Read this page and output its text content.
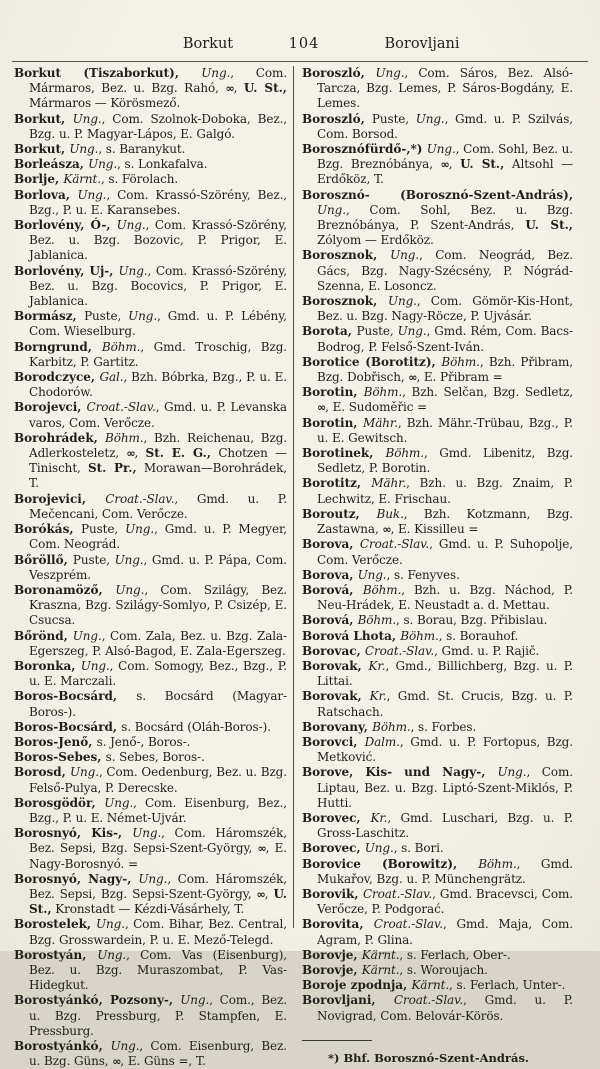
Borkut	104	Borovljani

Borkut (Tiszaborkut), Ung., Com. Mármaros, Bez. u. Bzg. Rahó, ∞, U. St., Mármaros — Körösmező.

Borkut, Ung., Com. Szolnok-Doboka, Bez., Bzg. u. P. Magyar-Lápos, E. Galgó.

Borkut, Ung., s. Baranykut.

Borleásza, Ung., s. Lonkafalva.

Borlje, Kärnt., s. Förolach.

Borlova, Ung., Com. Krassó-Szörény, Bez., Bzg., P. u. E. Karansebes.

Borlovény, Ó-, Ung., Com. Krassó-Szörény, Bez. u. Bzg. Bozovic, P. Prigor, E. Jablanica.

Borlovény, Uj-, Ung., Com. Krassó-Szörény, Bez. u. Bzg. Bocovics, P. Prigor, E. Jablanica.

Bormász, Puste, Ung., Gmd. u. P. Lébény, Com. Wieselburg.

Borngrund, Böhm., Gmd. Troschig, Bzg. Karbitz, P. Gartitz.

Borodczyce, Gal., Bzh. Bóbrka, Bzg., P. u. E. Chodorów.

Borojevci, Croat.-Slav., Gmd. u. P. Levanska varos, Com. Verőcze.

Borohrádek, Böhm., Bzh. Reichenau, Bzg. Adlerkosteletz, ∞, St. E. G., Chotzen — Tinischt, St. Pr., Morawan—Borohrádek, T.

Borojevici, Croat.-Slav., Gmd. u. P. Mečencani, Com. Verőcze.

Borókás, Puste, Ung., Gmd. u. P. Megyer, Com. Neográd.

Bőröllő, Puste, Ung., Gmd. u. P. Pápa, Com. Veszprém.

Boronamöző, Ung., Com. Szilágy, Bez. Kraszna, Bzg. Szilágy-Somlyo, P. Csizép, E. Csucsa.

Bőrönd, Ung., Com. Zala, Bez. u. Bzg. Zala-Egerszeg, P. Alsó-Bagod, E. Zala-Egerszeg.

Boronka, Ung., Com. Somogy, Bez., Bzg., P. u. E. Marczali.

Boros-Bocsárd, s. Bocsárd (Magyar-Boros-).

Boros-Bocsárd, s. Bocsárd (Oláh-Boros-).

Boros-Jenő, s. Jenő-, Boros-.

Boros-Sebes, s. Sebes, Boros-.

Borosd, Ung., Com. Oedenburg, Bez. u. Bzg. Felső-Pulya, P. Derecske.

Borosgödör, Ung., Com. Eisenburg, Bez., Bzg., P. u. E. Német-Ujvár.

Borosnyó, Kis-, Ung., Com. Háromszék, Bez. Sepsi, Bzg. Sepsi-Szent-György, ∞, E. Nagy-Borosnyó. =

Borosnyó, Nagy-, Ung., Com. Háromszék, Bez. Sepsi, Bzg. Sepsi-Szent-György, ∞, U. St., Kronstadt — Kézdi-Vásárhely, T.

Borostelek, Ung., Com. Bihar, Bez. Central, Bzg. Grosswardein, P. u. E. Mező-Telegd.

Borostyán, Ung., Com. Vas (Eisenburg), Bez. u. Bzg. Muraszombat, P. Vas-Hidegkut.

Borostyánkó, Pozsony-, Ung., Com., Bez. u. Bzg. Pressburg, P. Stampfen, E. Pressburg.

Borostyánkó, Ung., Com. Eisenburg, Bez. u. Bzg. Güns, ∞, E. Güns =, T.

Boroszló, Ung., Com. Sáros, Bez. Alsó-Tarcza, Bzg. Lemes, P. Sáros-Bogdány, E. Lemes.

Boroszló, Puste, Ung., Gmd. u. P. Szilvás, Com. Borsod.

Borosznófürdő-,*) Ung., Com. Sohl, Bez. u. Bzg. Breznóbánya, ∞, U. St., Altsohl — Erdőköz, T.

Borosznó- (Borosznó-Szent-András), Ung., Com. Sohl, Bez. u. Bzg. Breznóbánya, P. Szent-András, U. St., Zólyom — Erdőköz.

Borosznok, Ung., Com. Neográd, Bez. Gács, Bzg. Nagy-Szécsény, P. Nógrád-Szenna, E. Losoncz.

Borosznok, Ung., Com. Gömör-Kis-Hont, Bez. u. Bzg. Nagy-Röcze, P. Ujvásár.

Borota, Puste, Ung., Gmd. Rém, Com. Bacs-Bodrog, P. Felső-Szent-Iván.

Borotice (Borotitz), Böhm., Bzh. Přibram, Bzg. Dobřisch, ∞, E. Přibram =

Borotin, Böhm., Bzh. Selčan, Bzg. Sedletz, ∞, E. Sudoměřic =

Borotin, Mähr., Bzh. Mähr.-Trübau, Bzg., P. u. E. Gewitsch.

Borotinek, Böhm., Gmd. Libenitz, Bzg. Sedletz, P. Borotin.

Borotitz, Mähr., Bzh. u. Bzg. Znaim, P. Lechwitz, E. Frischau.

Boroutz, Buk., Bzh. Kotzmann, Bzg. Zastawna, ∞, E. Kissilleu =

Borova, Croat.-Slav., Gmd. u. P. Suhopolje, Com. Verőcze.

Borova, Ung., s. Fenyves.

Borová, Böhm., Bzh. u. Bzg. Náchod, P. Neu-Hrádek, E. Neustadt a. d. Mettau.

Borová, Böhm., s. Borau, Bzg. Přibislau.

Borová Lhota, Böhm., s. Borauhof.

Borovac, Croat.-Slav., Gmd. u. P. Rajič.

Borovak, Kr., Gmd., Billichberg, Bzg. u. P. Littai.

Borovak, Kr., Gmd. St. Crucis, Bzg. u. P. Ratschach.

Borovany, Böhm., s. Forbes.

Borovci, Dalm., Gmd. u. P. Fortopus, Bzg. Metković.

Borove, Kis- und Nagy-, Ung., Com. Liptau, Bez. u. Bzg. Liptó-Szent-Miklós, P. Hutti.

Borovec, Kr., Gmd. Luschari, Bzg. u. P. Gross-Laschitz.

Borovec, Ung., s. Bori.

Borovice (Borowitz), Böhm., Gmd. Mukařov, Bzg. u. P. Münchengrätz.

Borovik, Croat.-Slav., Gmd. Bracevsci, Com. Verőcze, P. Podgorać.

Borovita, Croat.-Slav., Gmd. Maja, Com. Agram, P. Glina.

Borovje, Kärnt., s. Ferlach, Ober-.

Borovje, Kärnt., s. Woroujach.

Boroje zpodnja, Kärnt., s. Ferlach, Unter-.

Borovljani, Croat.-Slav., Gmd. u. P. Novigrad, Com. Belovár-Körös.

*) Bhf. Borosznó-Szent-András.
